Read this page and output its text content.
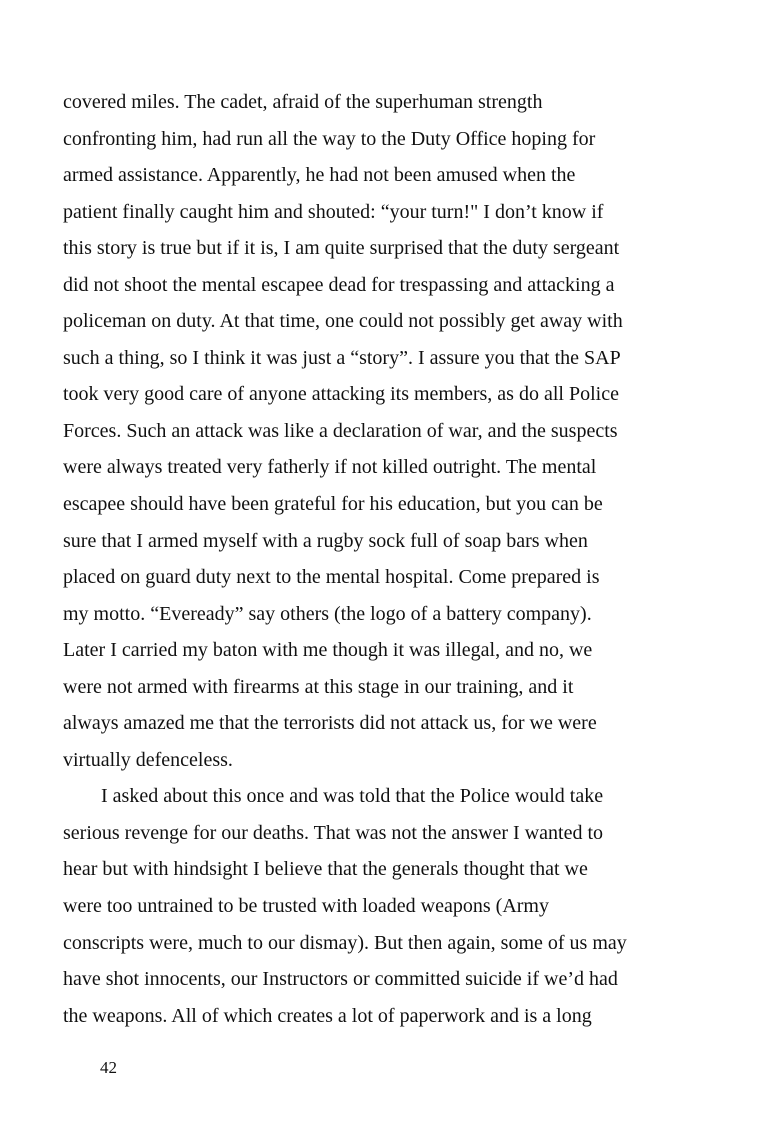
covered miles. The cadet, afraid of the superhuman strength
confronting him, had run all the way to the Duty Office hoping for
armed assistance. Apparently, he had not been amused when the
patient finally caught him and shouted: “your turn!" I don’t know if
this story is true but if it is, I am quite surprised that the duty sergeant
did not shoot the mental escapee dead for trespassing and attacking a
policeman on duty. At that time, one could not possibly get away with
such a thing, so I think it was just a “story”. I assure you that the SAP
took very good care of anyone attacking its members, as do all Police
Forces. Such an attack was like a declaration of war, and the suspects
were always treated very fatherly if not killed outright. The mental
escapee should have been grateful for his education, but you can be
sure that I armed myself with a rugby sock full of soap bars when
placed on guard duty next to the mental hospital. Come prepared is
my motto. “Eveready” say others (the logo of a battery company).
Later I carried my baton with me though it was illegal, and no, we
were not armed with firearms at this stage in our training, and it
always amazed me that the terrorists did not attack us, for we were
virtually defenceless.
I asked about this once and was told that the Police would take
serious revenge for our deaths. That was not the answer I wanted to
hear but with hindsight I believe that the generals thought that we
were too untrained to be trusted with loaded weapons (Army
conscripts were, much to our dismay). But then again, some of us may
have shot innocents, our Instructors or committed suicide if we’d had
the weapons. All of which creates a lot of paperwork and is a long
42
